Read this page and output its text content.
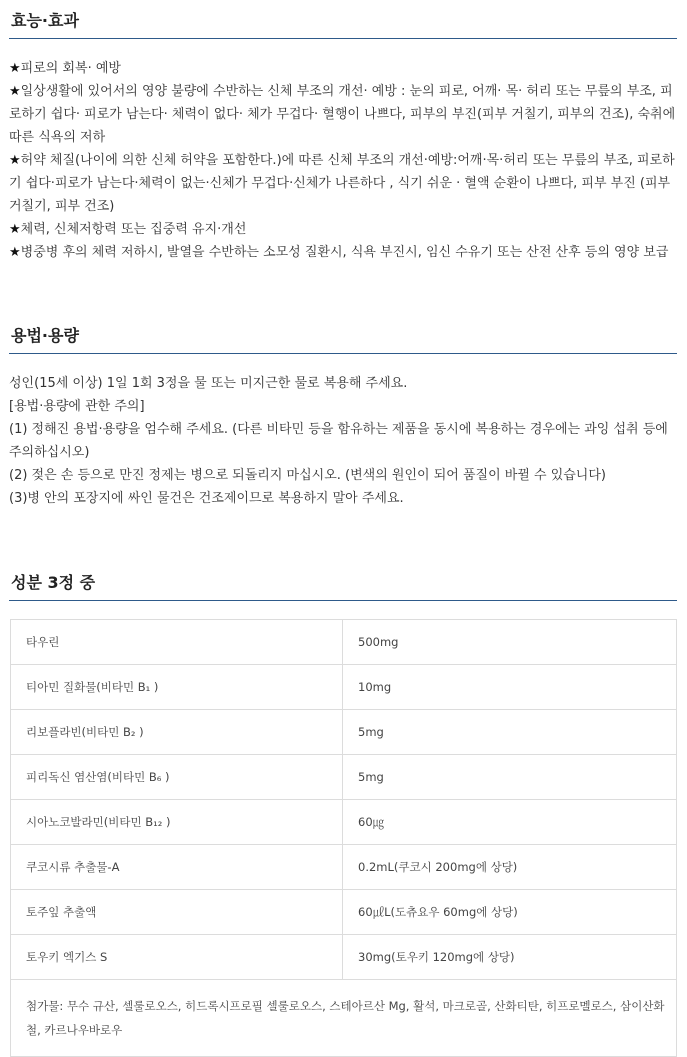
효능·효과

★피로의 회복· 예방

★일상생활에 있어서의 영양 불량에 수반하는 신체 부조의 개선· 예방 : 눈의 피로, 어깨· 목· 허리 또는 무릎의 부조, 피로하기 쉽다· 피로가 남는다· 체력이 없다· 체가 무겁다· 혈행이 나쁘다, 피부의 부진(피부 거칠기, 피부의 건조), 숙취에 따른 식욕의 저하

★허약 체질(나이에 의한 신체 허약을 포함한다.)에 따른 신체 부조의 개선·예방:어깨·목·허리 또는 무릎의 부조, 피로하기 쉽다·피로가 남는다·체력이 없는·신체가 무겁다·신체가 나른하다 , 식기 쉬운 · 혈액 순환이 나쁘다, 피부 부진 (피부 거칠기, 피부 건조)

★체력, 신체저항력 또는 집중력 유지·개선

★병중병 후의 체력 저하시, 발열을 수반하는 소모성 질환시, 식욕 부진시, 임신 수유기 또는 산전 산후 등의 영양 보급

용법·용량

성인(15세 이상) 1일 1회 3정을 물 또는 미지근한 물로 복용해 주세요.

[용법·용량에 관한 주의]

(1) 정해진 용법·용량을 엄수해 주세요. (다른 비타민 등을 함유하는 제품을 동시에 복용하는 경우에는 과잉 섭취 등에 주의하십시오)

(2) 젖은 손 등으로 만진 정제는 병으로 되돌리지 마십시오. (변색의 원인이 되어 품질이 바뀔 수 있습니다)

(3)병 안의 포장지에 싸인 물건은 건조제이므로 복용하지 말아 주세요.

성분 3정 중
타우린	500mg
티아민 질화물(비타민 B₁ )	10mg
리보플라빈(비타민 B₂ )	5mg
피리독신 염산염(비타민 B₆ )	5mg
시아노코발라민(비타민 B₁₂ )	60㎍
쿠코시류 추출물-A	0.2mL(쿠코시 200mg에 상당)
토주잎 추출액	60㎕L(도츄요우 60mg에 상당)
토우키 엑기스 S	30mg(토우키 120mg에 상당)
첨가물: 무수 규산, 셀룰로오스, 히드록시프로필 셀룰로오스, 스테아르산 Mg, 활석, 마크로골, 산화티탄, 히프로멜로스, 삼이산화철, 카르나우바로우	
